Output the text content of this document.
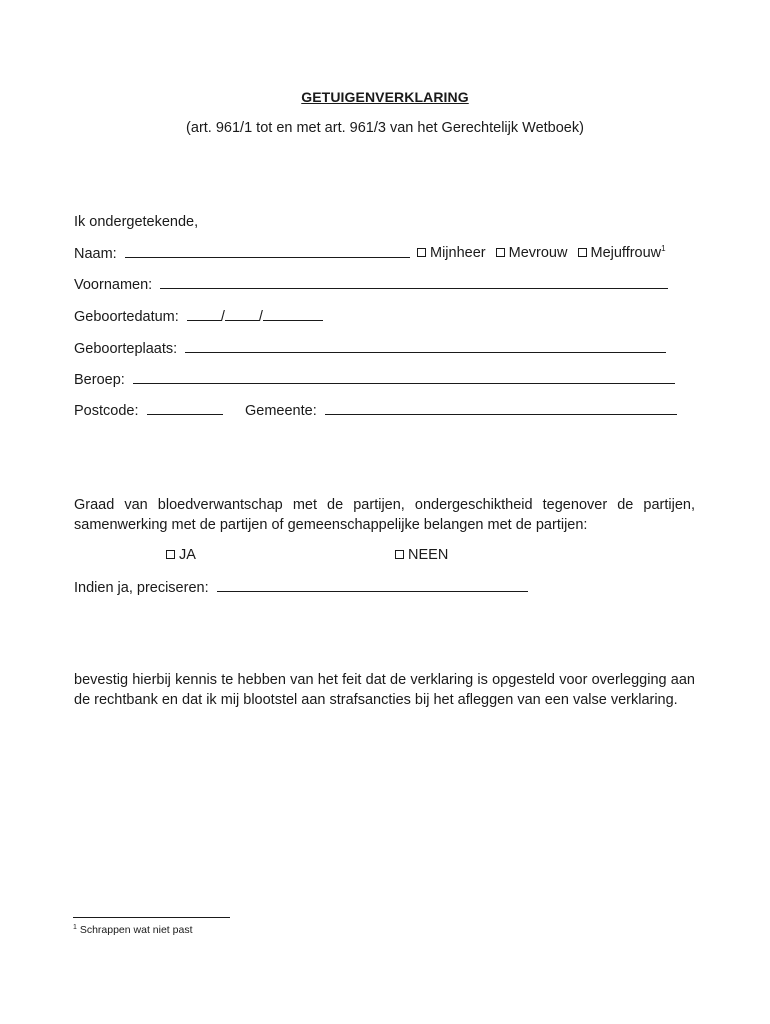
GETUIGENVERKLARING
(art. 961/1 tot en met art. 961/3 van het Gerechtelijk Wetboek)
Ik ondergetekende,
Naam:	Mijnheer Mevrouw Mejuffrouw$^1$
Voornamen:
Geboortedatum:	/ /
Geboorteplaats:
Beroep:
Postcode:	Gemeente:
Graad van bloedverwantschap met de partijen, ondergeschiktheid tegenover de partijen, samenwerking met de partijen of gemeenschappelijke belangen met de partijen:
JA	NEEN
Indien ja, preciseren:
bevestig hierbij kennis te hebben van het feit dat de verklaring is opgesteld voor overlegging aan de rechtbank en dat ik mij blootstel aan strafsancties bij het afleggen van een valse verklaring.
$^1$ Schrappen wat niet past
